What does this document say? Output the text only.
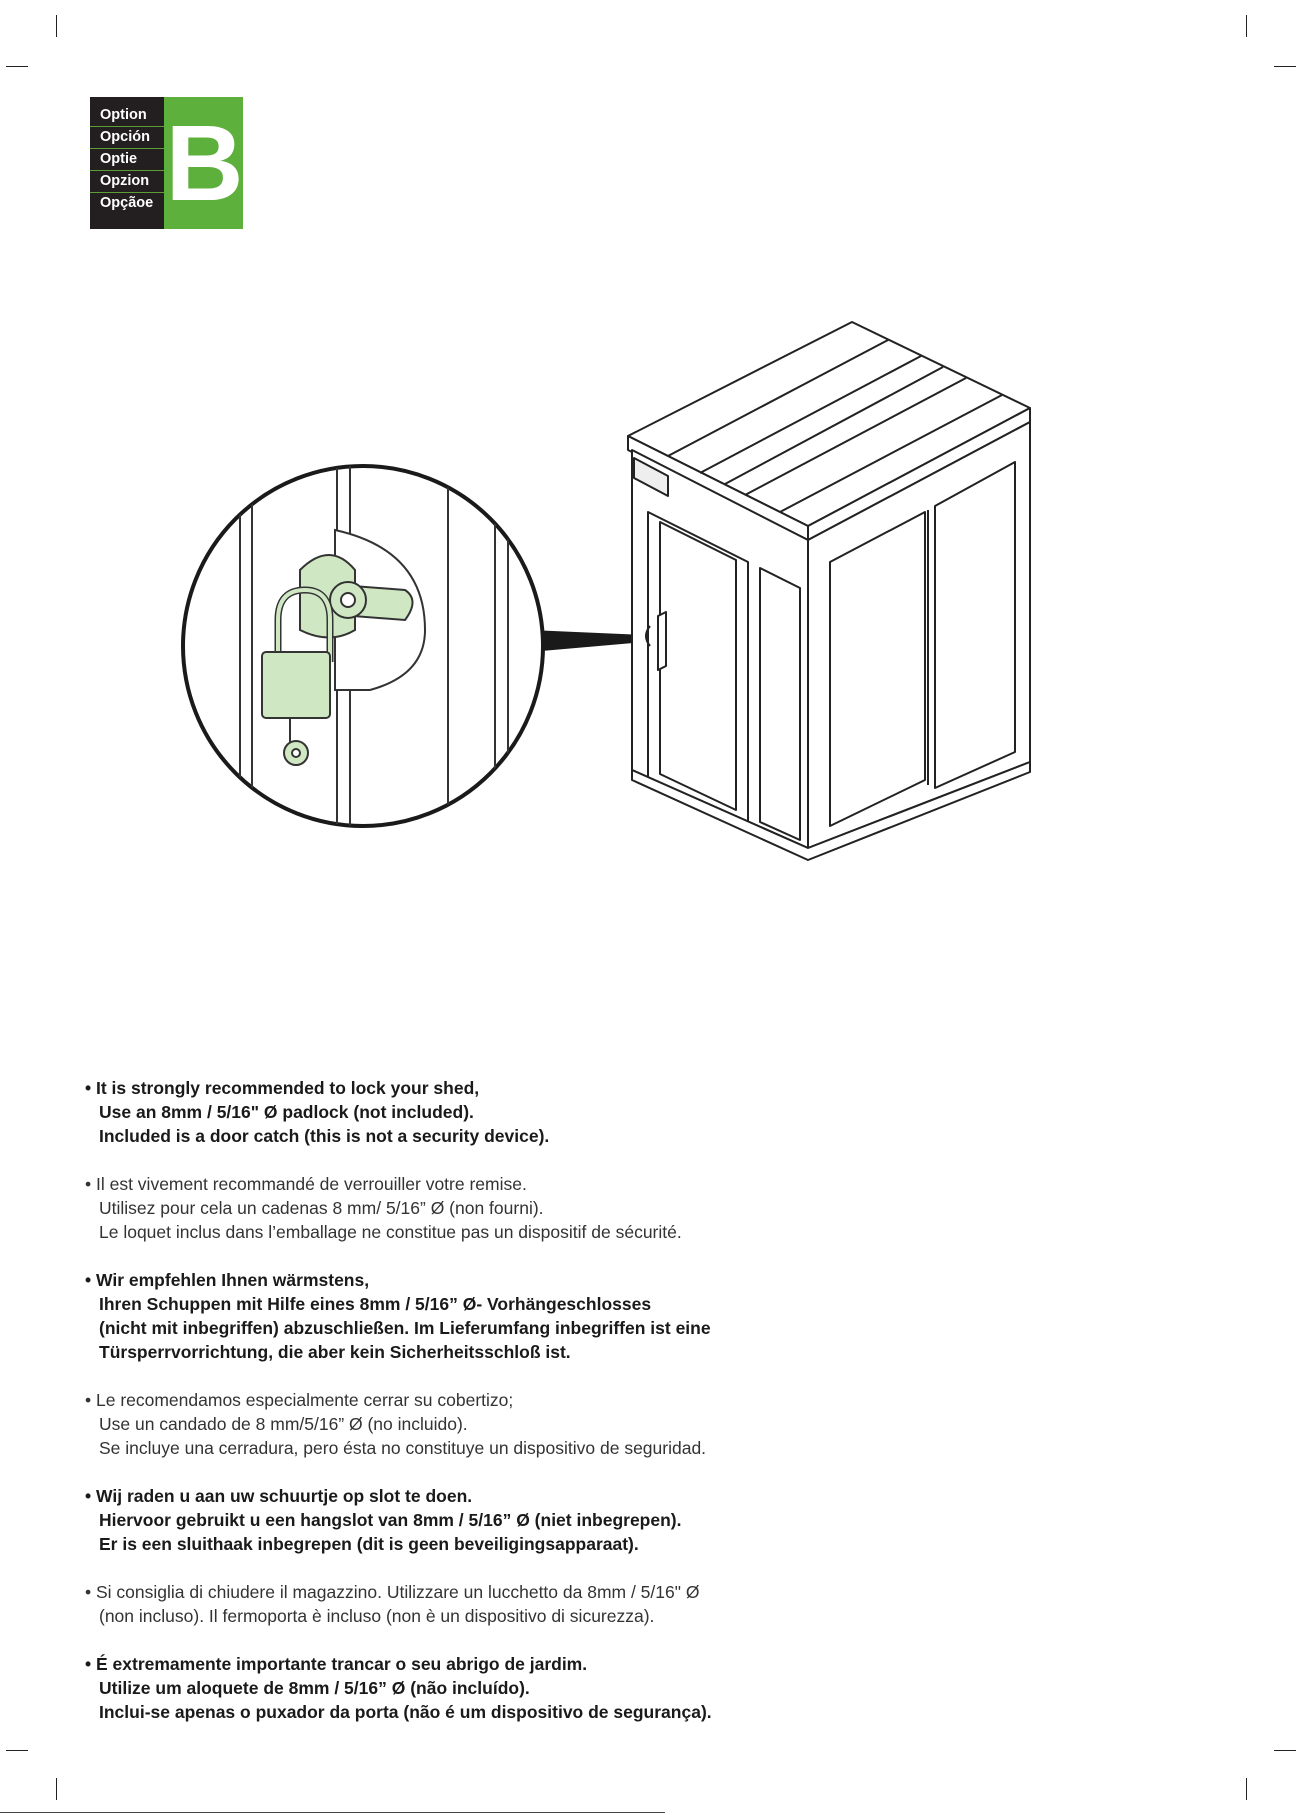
Option
Opción
Optie
Opzion
Opçãoe B

• It is strongly recommended to lock your shed,
Use an 8mm / 5/16" Ø padlock (not included).
Included is a door catch (this is not a security device).

• Il est vivement recommandé de verrouiller votre remise.
Utilisez pour cela un cadenas 8 mm/ 5/16” Ø (non fourni).
Le loquet inclus dans l’emballage ne constitue pas un dispositif de sécurité.

• Wir empfehlen Ihnen wärmstens,
Ihren Schuppen mit Hilfe eines 8mm / 5/16” Ø- Vorhängeschlosses
(nicht mit inbegriffen) abzuschließen. Im Lieferumfang inbegriffen ist eine
Türsperrvorrichtung, die aber kein Sicherheitsschloß ist.

• Le recomendamos especialmente cerrar su cobertizo;
Use un candado de 8 mm/5/16” Ø (no incluido).
Se incluye una cerradura, pero ésta no constituye un dispositivo de seguridad.

• Wij raden u aan uw schuurtje op slot te doen.
Hiervoor gebruikt u een hangslot van 8mm / 5/16” Ø (niet inbegrepen).
Er is een sluithaak inbegrepen (dit is geen beveiligingsapparaat).

• Si consiglia di chiudere il magazzino. Utilizzare un lucchetto da 8mm / 5/16" Ø
(non incluso). Il fermoporta è incluso (non è un dispositivo di sicurezza).

• É extremamente importante trancar o seu abrigo de jardim.
Utilize um aloquete de 8mm / 5/16” Ø (não incluído).
Inclui-se apenas o puxador da porta (não é um dispositivo de segurança).
